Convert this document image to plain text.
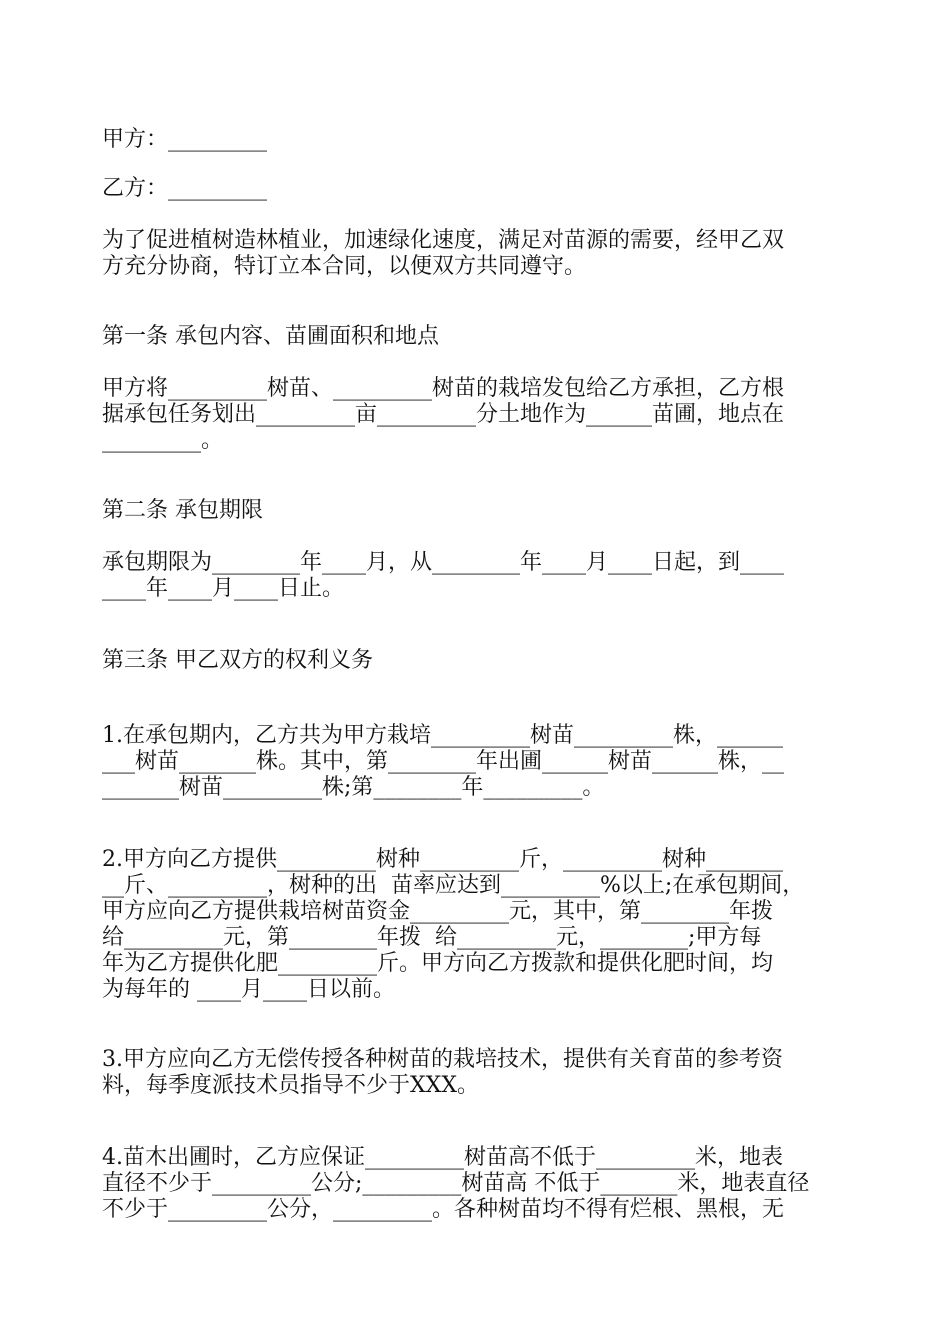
甲方：_________
乙方：_________
为了促进植树造林植业，加速绿化速度，满足对苗源的需要，经甲乙双
方充分协商，特订立本合同，以便双方共同遵守。
第一条 承包内容、苗圃面积和地点
甲方将_________树苗、_________树苗的栽培发包给乙方承担，乙方根
据承包任务划出_________亩_________分土地作为______苗圃，地点在
_________。
第二条 承包期限
承包期限为________年____月，从________年____月____日起，到____
____年____月____日止。
第三条 甲乙双方的权利义务
1.在承包期内，乙方共为甲方栽培_________树苗_________株，______
___树苗_______株。其中，第________年出圃______树苗______株，__
_______树苗_________株;第________年_________。
2.甲方向乙方提供_________树种_________斤，_________树种_______
__斤、_________，树种的出  苗率应达到_________%以上;在承包期间，
甲方应向乙方提供栽培树苗资金_________元，其中，第________年拨
给_________元，第________年拨  给_________元，________;甲方每
年为乙方提供化肥_________斤。甲方向乙方拨款和提供化肥时间，均
为每年的 ____月____日以前。
3.甲方应向乙方无偿传授各种树苗的栽培技术，提供有关育苗的参考资
料，每季度派技术员指导不少于XXX。
4.苗木出圃时，乙方应保证_________树苗高不低于_________米，地表
直径不少于_________公分;_________树苗高 不低于_______米，地表直径
不少于_________公分，_________。各种树苗均不得有烂根、黑根，无
